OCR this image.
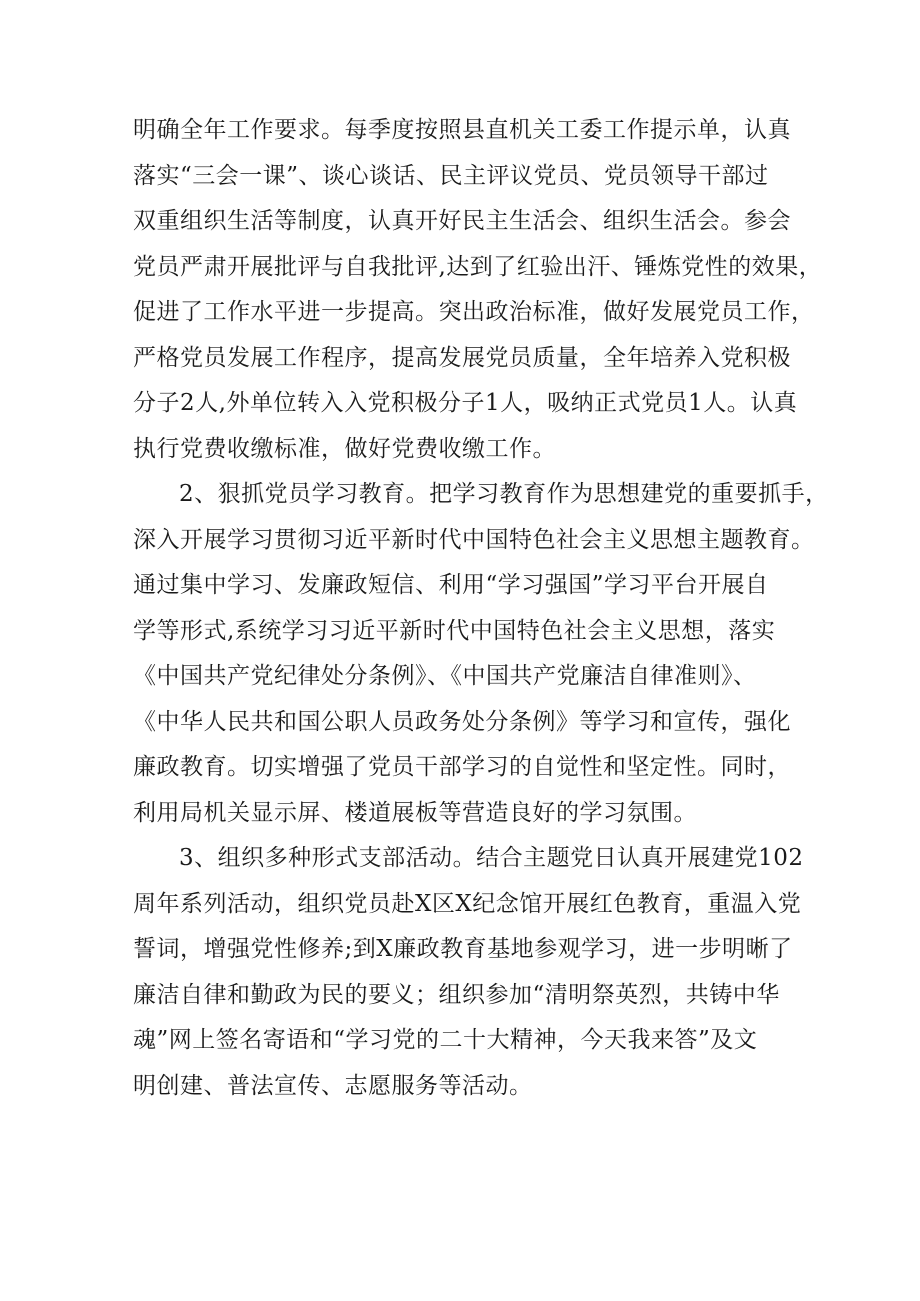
明确全年工作要求。每季度按照县直机关工委工作提示单，认真
落实“三会一课”、谈心谈话、民主评议党员、党员领导干部过
双重组织生活等制度，认真开好民主生活会、组织生活会。参会
党员严肃开展批评与自我批评,达到了红验出汗、锤炼党性的效果，
促进了工作水平进一步提高。突出政治标准，做好发展党员工作，
严格党员发展工作程序，提高发展党员质量，全年培养入党积极
分子2人,外单位转入入党积极分子1人，吸纳正式党员1人。认真
执行党费收缴标准，做好党费收缴工作。
2、狠抓党员学习教育。把学习教育作为思想建党的重要抓手，
深入开展学习贯彻习近平新时代中国特色社会主义思想主题教育。
通过集中学习、发廉政短信、利用“学习强国”学习平台开展自
学等形式,系统学习习近平新时代中国特色社会主义思想，落实
《中国共产党纪律处分条例》、《中国共产党廉洁自律准则》、
《中华人民共和国公职人员政务处分条例》等学习和宣传，强化
廉政教育。切实增强了党员干部学习的自觉性和坚定性。同时，
利用局机关显示屏、楼道展板等营造良好的学习氛围。
3、组织多种形式支部活动。结合主题党日认真开展建党102
周年系列活动，组织党员赴X区X纪念馆开展红色教育，重温入党
誓词，增强党性修养;到X廉政教育基地参观学习，进一步明晰了
廉洁自律和勤政为民的要义；组织参加“清明祭英烈，共铸中华
魂”网上签名寄语和“学习党的二十大精神，今天我来答”及文
明创建、普法宣传、志愿服务等活动。
